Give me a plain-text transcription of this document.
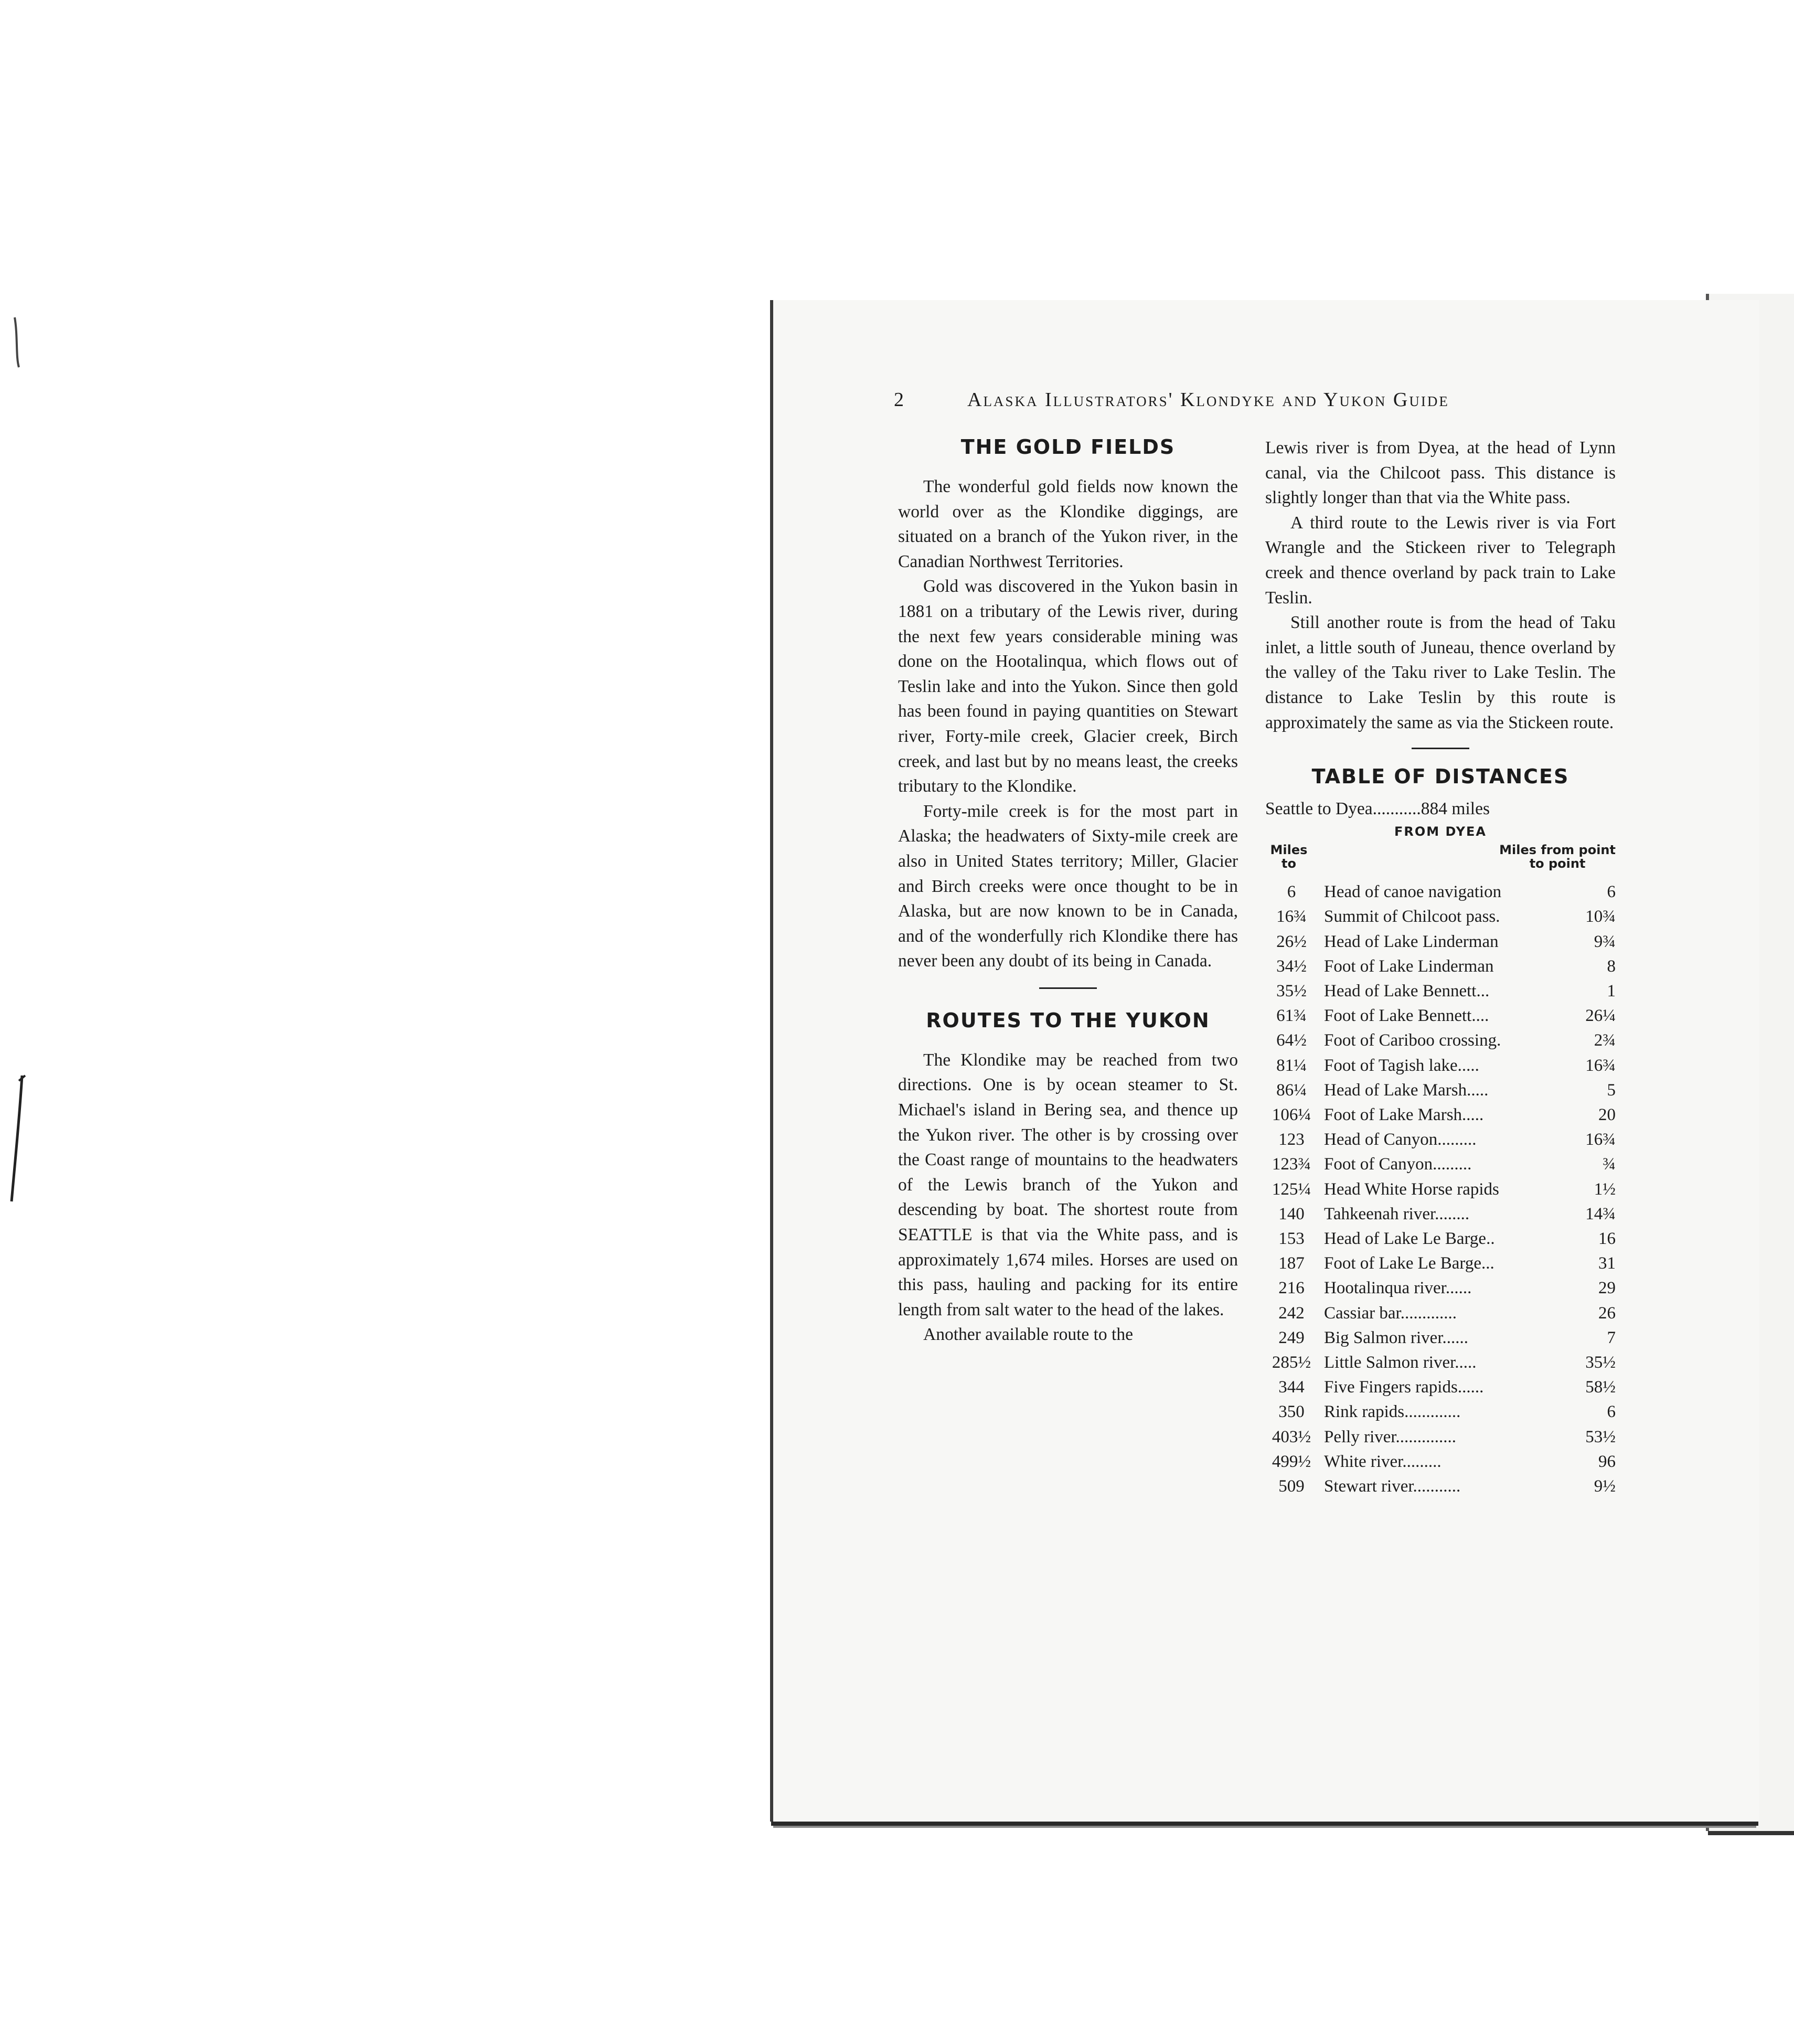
2	Alaska Illustrators' Klondyke and Yukon Guide
THE GOLD FIELDS

The wonderful gold fields now known the world over as the Klondike diggings, are situated on a branch of the Yukon river, in the Canadian Northwest Territories.

Gold was discovered in the Yukon basin in 1881 on a tributary of the Lewis river, during the next few years considerable mining was done on the Hootalinqua, which flows out of Teslin lake and into the Yukon. Since then gold has been found in paying quantities on Stewart river, Forty-mile creek, Glacier creek, Birch creek, and last but by no means least, the creeks tributary to the Klondike.

Forty-mile creek is for the most part in Alaska; the headwaters of Sixty-mile creek are also in United States territory; Miller, Glacier and Birch creeks were once thought to be in Alaska, but are now known to be in Canada, and of the wonderfully rich Klondike there has never been any doubt of its being in Canada.

ROUTES TO THE YUKON

The Klondike may be reached from two directions. One is by ocean steamer to St. Michael's island in Bering sea, and thence up the Yukon river. The other is by crossing over the Coast range of mountains to the headwaters of the Lewis branch of the Yukon and descending by boat. The shortest route from SEATTLE is that via the White pass, and is approximately 1,674 miles. Horses are used on this pass, hauling and packing for its entire length from salt water to the head of the lakes.

Another available route to the

Lewis river is from Dyea, at the head of Lynn canal, via the Chilcoot pass. This distance is slightly longer than that via the White pass.

A third route to the Lewis river is via Fort Wrangle and the Stickeen river to Telegraph creek and thence overland by pack train to Lake Teslin.

Still another route is from the head of Taku inlet, a little south of Juneau, thence overland by the valley of the Taku river to Lake Teslin. The distance to Lake Teslin by this route is approximately the same as via the Stickeen route.

TABLE OF DISTANCES
Seattle to Dyea...........884 miles
FROM DYEA
Miles
to
Miles from point
to point
6	Head of canoe navigation	6
16¾	Summit of Chilcoot pass.	10¾
26½	Head of Lake Linderman	9¾
34½	Foot of Lake Linderman	8
35½	Head of Lake Bennett...	1
61¾	Foot of Lake Bennett....	26¼
64½	Foot of Cariboo crossing.	2¾
81¼	Foot of Tagish lake.....	16¾
86¼	Head of Lake Marsh.....	5
106¼ Foot of Lake Marsh.....	20
123	Head of Canyon.........	16¾
123¾ Foot of Canyon.........	¾
125¼ Head White Horse rapids	1½
140	Tahkeenah river........	14¾
153	Head of Lake Le Barge..	16
187	Foot of Lake Le Barge...	31
216	Hootalinqua river......	29
242	Cassiar bar.............	26
249	Big Salmon river......	7
285½ Little Salmon river.....	35½
344	Five Fingers rapids......	58½
350	Rink rapids.............	6
403½ Pelly river..............	53½
499½ White river.........	96
509	Stewart river...........	9½
